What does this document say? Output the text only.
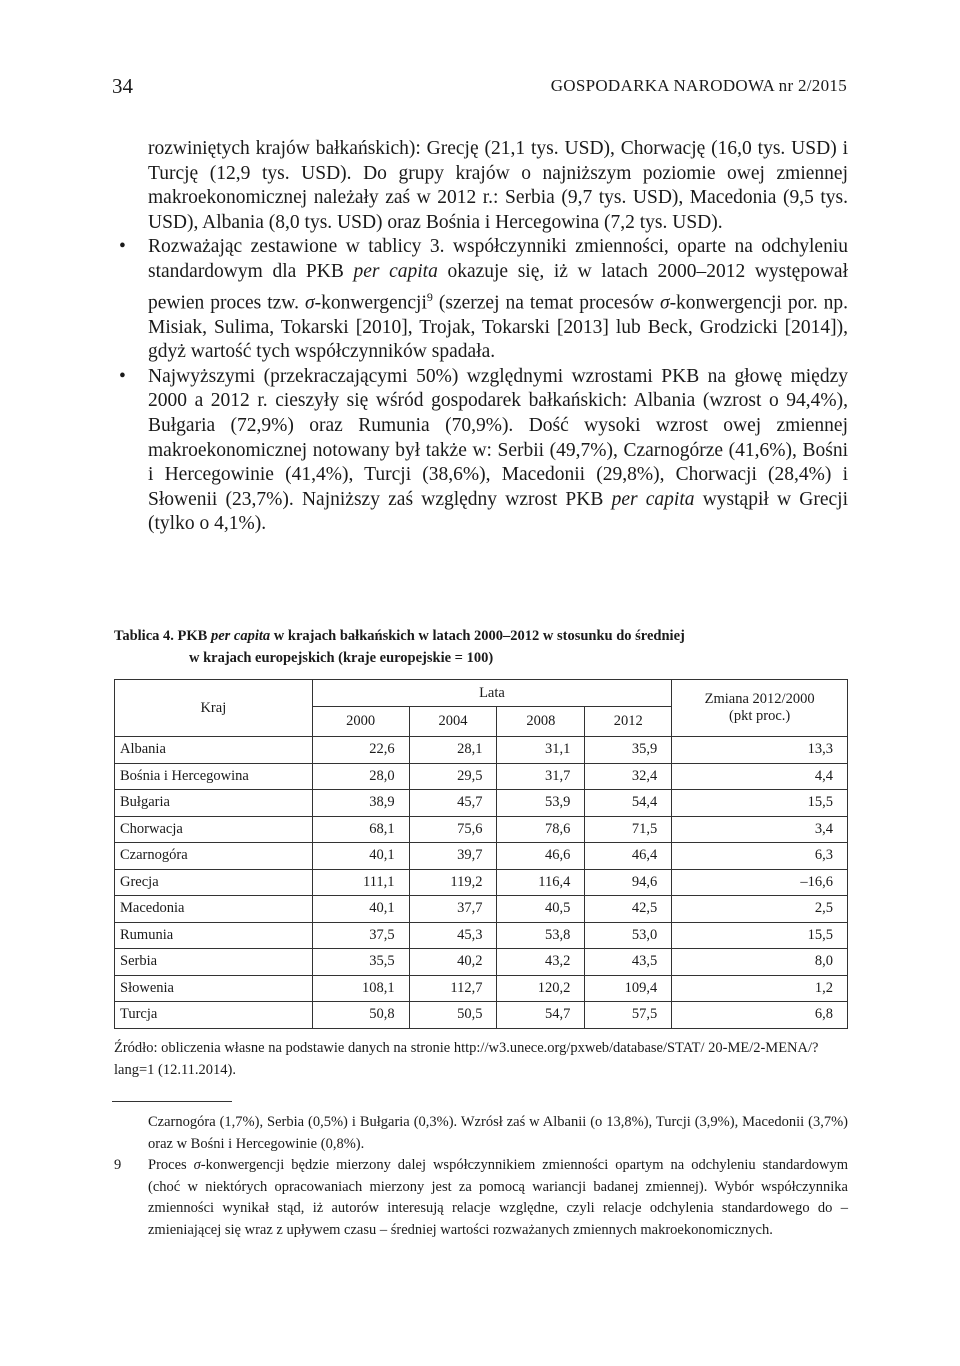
34	GOSPODARKA NARODOWA nr 2/2015

rozwiniętych krajów bałkańskich): Grecję (21,1 tys. USD), Chorwację (16,0 tys. USD) i Turcję (12,9 tys. USD). Do grupy krajów o najniższym poziomie owej zmiennej makroekonomicznej należały zaś w 2012 r.: Serbia (9,7 tys. USD), Macedonia (9,5 tys. USD), Albania (8,0 tys. USD) oraz Bośnia i Hercegowina (7,2 tys. USD).

• Rozważając zestawione w tablicy 3. współczynniki zmienności, oparte na odchyleniu standardowym dla PKB per capita okazuje się, iż w latach 2000–2012 występował pewien proces tzw. σ-konwergencji$^9$ (szerzej na temat procesów σ-konwergencji por. np. Misiak, Sulima, Tokarski [2010], Trojak, Tokarski [2013] lub Beck, Grodzicki [2014]), gdyż wartość tych współczynników spadała.

• Najwyższymi (przekraczającymi 50%) względnymi wzrostami PKB na głowę między 2000 a 2012 r. cieszyły się wśród gospodarek bałkańskich: Albania (wzrost o 94,4%), Bułgaria (72,9%) oraz Rumunia (70,9%). Dość wysoki wzrost owej zmiennej makroekonomicznej notowany był także w: Serbii (49,7%), Czarnogórze (41,6%), Bośni i Hercegowinie (41,4%), Turcji (38,6%), Macedonii (29,8%), Chorwacji (28,4%) i Słowenii (23,7%). Najniższy zaś względny wzrost PKB per capita wystąpił w Grecji (tylko o 4,1%).

Tablica 4. PKB per capita w krajach bałkańskich w latach 2000–2012 w stosunku do średniej
w krajach europejskich (kraje europejskie = 100)
Kraj	Lata				Zmiana 2012/2000
(pkt proc.)
	2000	2004	2008	2012	
Albania	22,6	28,1	31,1	35,9	13,3
Bośnia i Hercegowina	28,0	29,5	31,7	32,4	4,4
Bułgaria	38,9	45,7	53,9	54,4	15,5
Chorwacja	68,1	75,6	78,6	71,5	3,4
Czarnogóra	40,1	39,7	46,6	46,4	6,3
Grecja	111,1	119,2	116,4	94,6	–16,6
Macedonia	40,1	37,7	40,5	42,5	2,5
Rumunia	37,5	45,3	53,8	53,0	15,5
Serbia	35,5	40,2	43,2	43,5	8,0
Słowenia	108,1	112,7	120,2	109,4	1,2
Turcja	50,8	50,5	54,7	57,5	6,8
Źródło: obliczenia własne na podstawie danych na stronie http://w3.unece.org/pxweb/database/STAT/ 20-ME/2-MENA/?lang=1 (12.11.2014).

Czarnogóra (1,7%), Serbia (0,5%) i Bułgaria (0,3%). Wzrósł zaś w Albanii (o 13,8%), Turcji (3,9%), Macedonii (3,7%) oraz w Bośni i Hercegowinie (0,8%).

9 Proces σ-konwergencji będzie mierzony dalej współczynnikiem zmienności opartym na odchyleniu standardowym (choć w niektórych opracowaniach mierzony jest za pomocą wariancji badanej zmiennej). Wybór współczynnika zmienności wynikał stąd, iż autorów interesują relacje względne, czyli relacje odchylenia standardowego do – zmieniającej się wraz z upływem czasu – średniej wartości rozważanych zmiennych makroekonomicznych.
